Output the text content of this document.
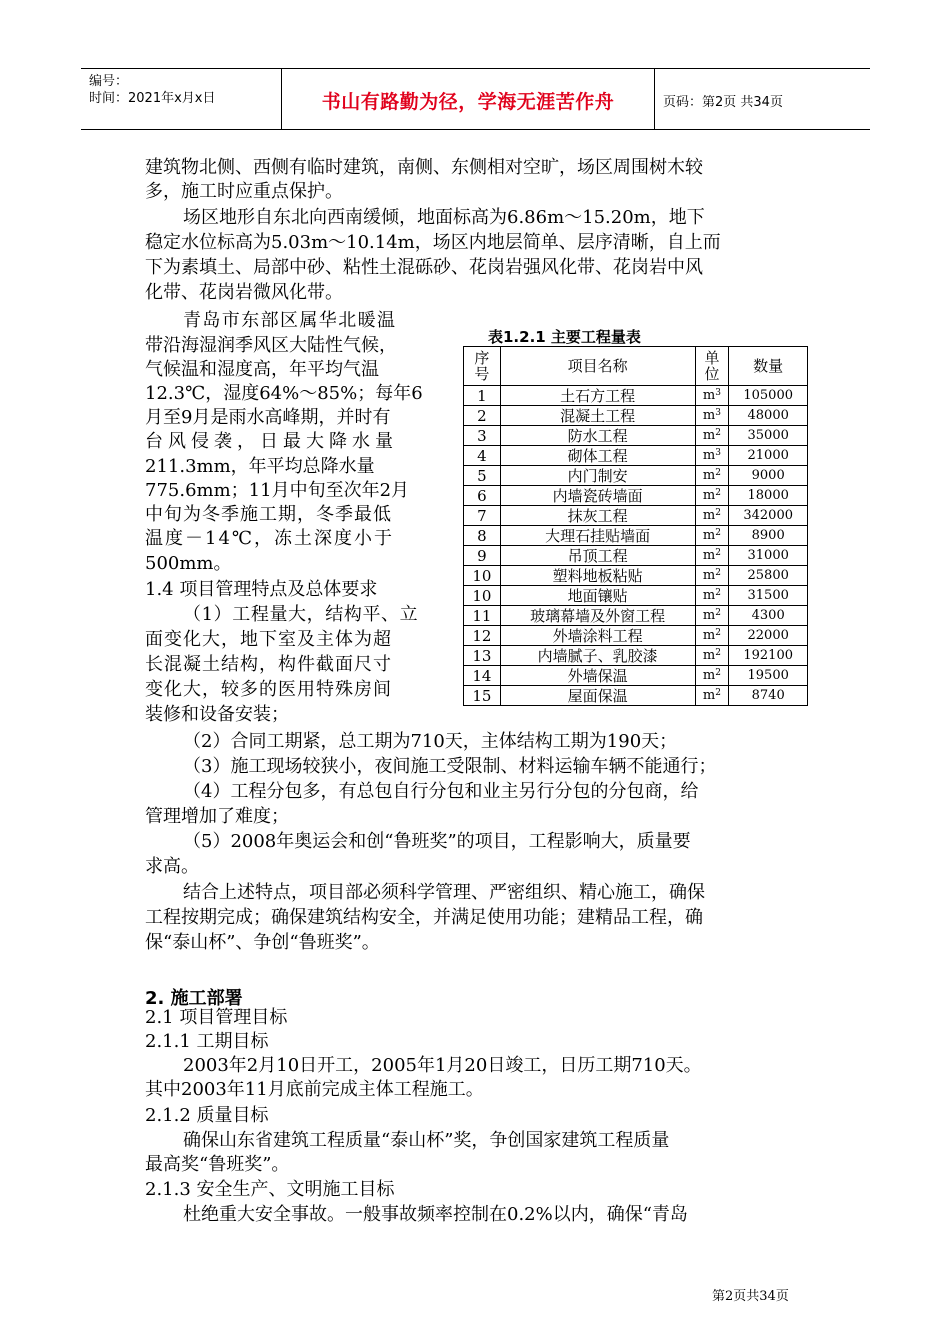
编号：
时间：2021年x月x日	书山有路勤为径，学海无涯苦作舟	页码：第2页 共34页
建筑物北侧、西侧有临时建筑，南侧、东侧相对空旷，场区周围树木较
多，施工时应重点保护。
场区地形自东北向西南缓倾，地面标高为6.86m～15.20m，地下
稳定水位标高为5.03m～10.14m，场区内地层简单、层序清晰，自上而
下为素填土、局部中砂、粘性土混砾砂、花岗岩强风化带、花岗岩中风
化带、花岗岩微风化带。
青岛市东部区属华北暖温
带沿海湿润季风区大陆性气候，
气候温和湿度高，年平均气温
12.3℃，湿度64%～85%；每年6
月至9月是雨水高峰期，并时有
台风侵袭，日最大降水量
211.3mm，年平均总降水量
775.6mm；11月中旬至次年2月
中旬为冬季施工期，冬季最低
温度－14℃，冻土深度小于
500mm。
1.4 项目管理特点及总体要求
（1）工程量大，结构平、立
面变化大，地下室及主体为超
长混凝土结构，构件截面尺寸
变化大，较多的医用特殊房间
装修和设备安装；
（2）合同工期紧，总工期为710天，主体结构工期为190天；
（3）施工现场较狭小，夜间施工受限制、材料运输车辆不能通行；
（4）工程分包多，有总包自行分包和业主另行分包的分包商，给
管理增加了难度；
（5）2008年奥运会和创“鲁班奖”的项目，工程影响大，质量要
求高。
结合上述特点，项目部必须科学管理、严密组织、精心施工，确保
工程按期完成；确保建筑结构安全，并满足使用功能；建精品工程，确
保“泰山杯”、争创“鲁班奖”。
2. 施工部署
2.1 项目管理目标
2.1.1 工期目标
2003年2月10日开工，2005年1月20日竣工，日历工期710天。
其中2003年11月底前完成主体工程施工。
2.1.2 质量目标
确保山东省建筑工程质量“泰山杯”奖，争创国家建筑工程质量
最高奖“鲁班奖”。
2.1.3 安全生产、文明施工目标
杜绝重大安全事故。一般事故频率控制在0.2%以内，确保“青岛
表1.2.1 主要工程量表
序
号	项目名称	单
位	数量
1	土石方工程	$m^3$	105000
2	混凝土工程	$m^3$	48000
3	防水工程	$m^2$	35000
4	砌体工程	$m^3$	21000
5	内门制安	$m^2$	9000
6	内墙瓷砖墙面	$m^2$	18000
7	抹灰工程	$m^2$	342000
8	大理石挂贴墙面	$m^2$	8900
9	吊顶工程	$m^2$	31000
10	塑料地板粘贴	$m^2$	25800
10	地面镶贴	$m^2$	31500
11	玻璃幕墙及外窗工程	$m^2$	4300
12	外墙涂料工程	$m^2$	22000
13	内墙腻子、乳胶漆	$m^2$	192100
14	外墙保温	$m^2$	19500
15	屋面保温	$m^2$	8740
第2页共34页
